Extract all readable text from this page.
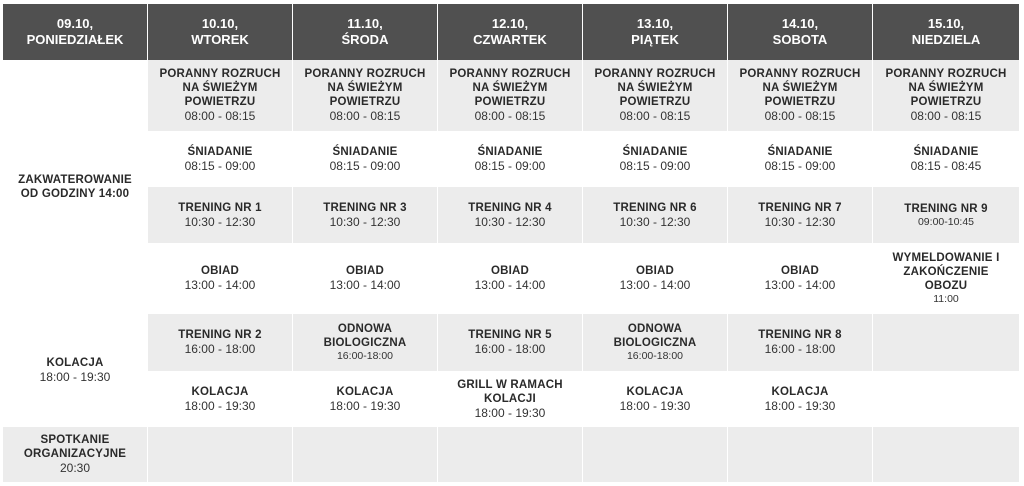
09.10,
PONIEDZIAŁEK
10.10,
WTOREK
11.10,
ŚRODA
12.10,
CZWARTEK
13.10,
PIĄTEK
14.10,
SOBOTA
15.10,
NIEDZIELA
ZAKWATEROWANIE
OD GODZINY 14:00
KOLACJA
18:00 - 19:30
SPOTKANIE
ORGANIZACYJNE
20:30
PORANNY ROZRUCH
NA ŚWIEŻYM
POWIETRZU
08:00 - 08:15
PORANNY ROZRUCH
NA ŚWIEŻYM
POWIETRZU
08:00 - 08:15
PORANNY ROZRUCH
NA ŚWIEŻYM
POWIETRZU
08:00 - 08:15
PORANNY ROZRUCH
NA ŚWIEŻYM
POWIETRZU
08:00 - 08:15
PORANNY ROZRUCH
NA ŚWIEŻYM
POWIETRZU
08:00 - 08:15
PORANNY ROZRUCH
NA ŚWIEŻYM
POWIETRZU
08:00 - 08:15
ŚNIADANIE
08:15 - 09:00
ŚNIADANIE
08:15 - 09:00
ŚNIADANIE
08:15 - 09:00
ŚNIADANIE
08:15 - 09:00
ŚNIADANIE
08:15 - 09:00
ŚNIADANIE
08:15 - 08:45
TRENING NR 1
10:30 - 12:30
TRENING NR 3
10:30 - 12:30
TRENING NR 4
10:30 - 12:30
TRENING NR 6
10:30 - 12:30
TRENING NR 7
10:30 - 12:30
TRENING NR 9
09:00-10:45
OBIAD
13:00 - 14:00
OBIAD
13:00 - 14:00
OBIAD
13:00 - 14:00
OBIAD
13:00 - 14:00
OBIAD
13:00 - 14:00
WYMELDOWANIE I
ZAKOŃCZENIE
OBOZU
11:00
TRENING NR 2
16:00 - 18:00
ODNOWA
BIOLOGICZNA
16:00-18:00
TRENING NR 5
16:00 - 18:00
ODNOWA
BIOLOGICZNA
16:00-18:00
TRENING NR 8
16:00 - 18:00
KOLACJA
18:00 - 19:30
KOLACJA
18:00 - 19:30
GRILL W RAMACH
KOLACJI
18:00 - 19:30
KOLACJA
18:00 - 19:30
KOLACJA
18:00 - 19:30
